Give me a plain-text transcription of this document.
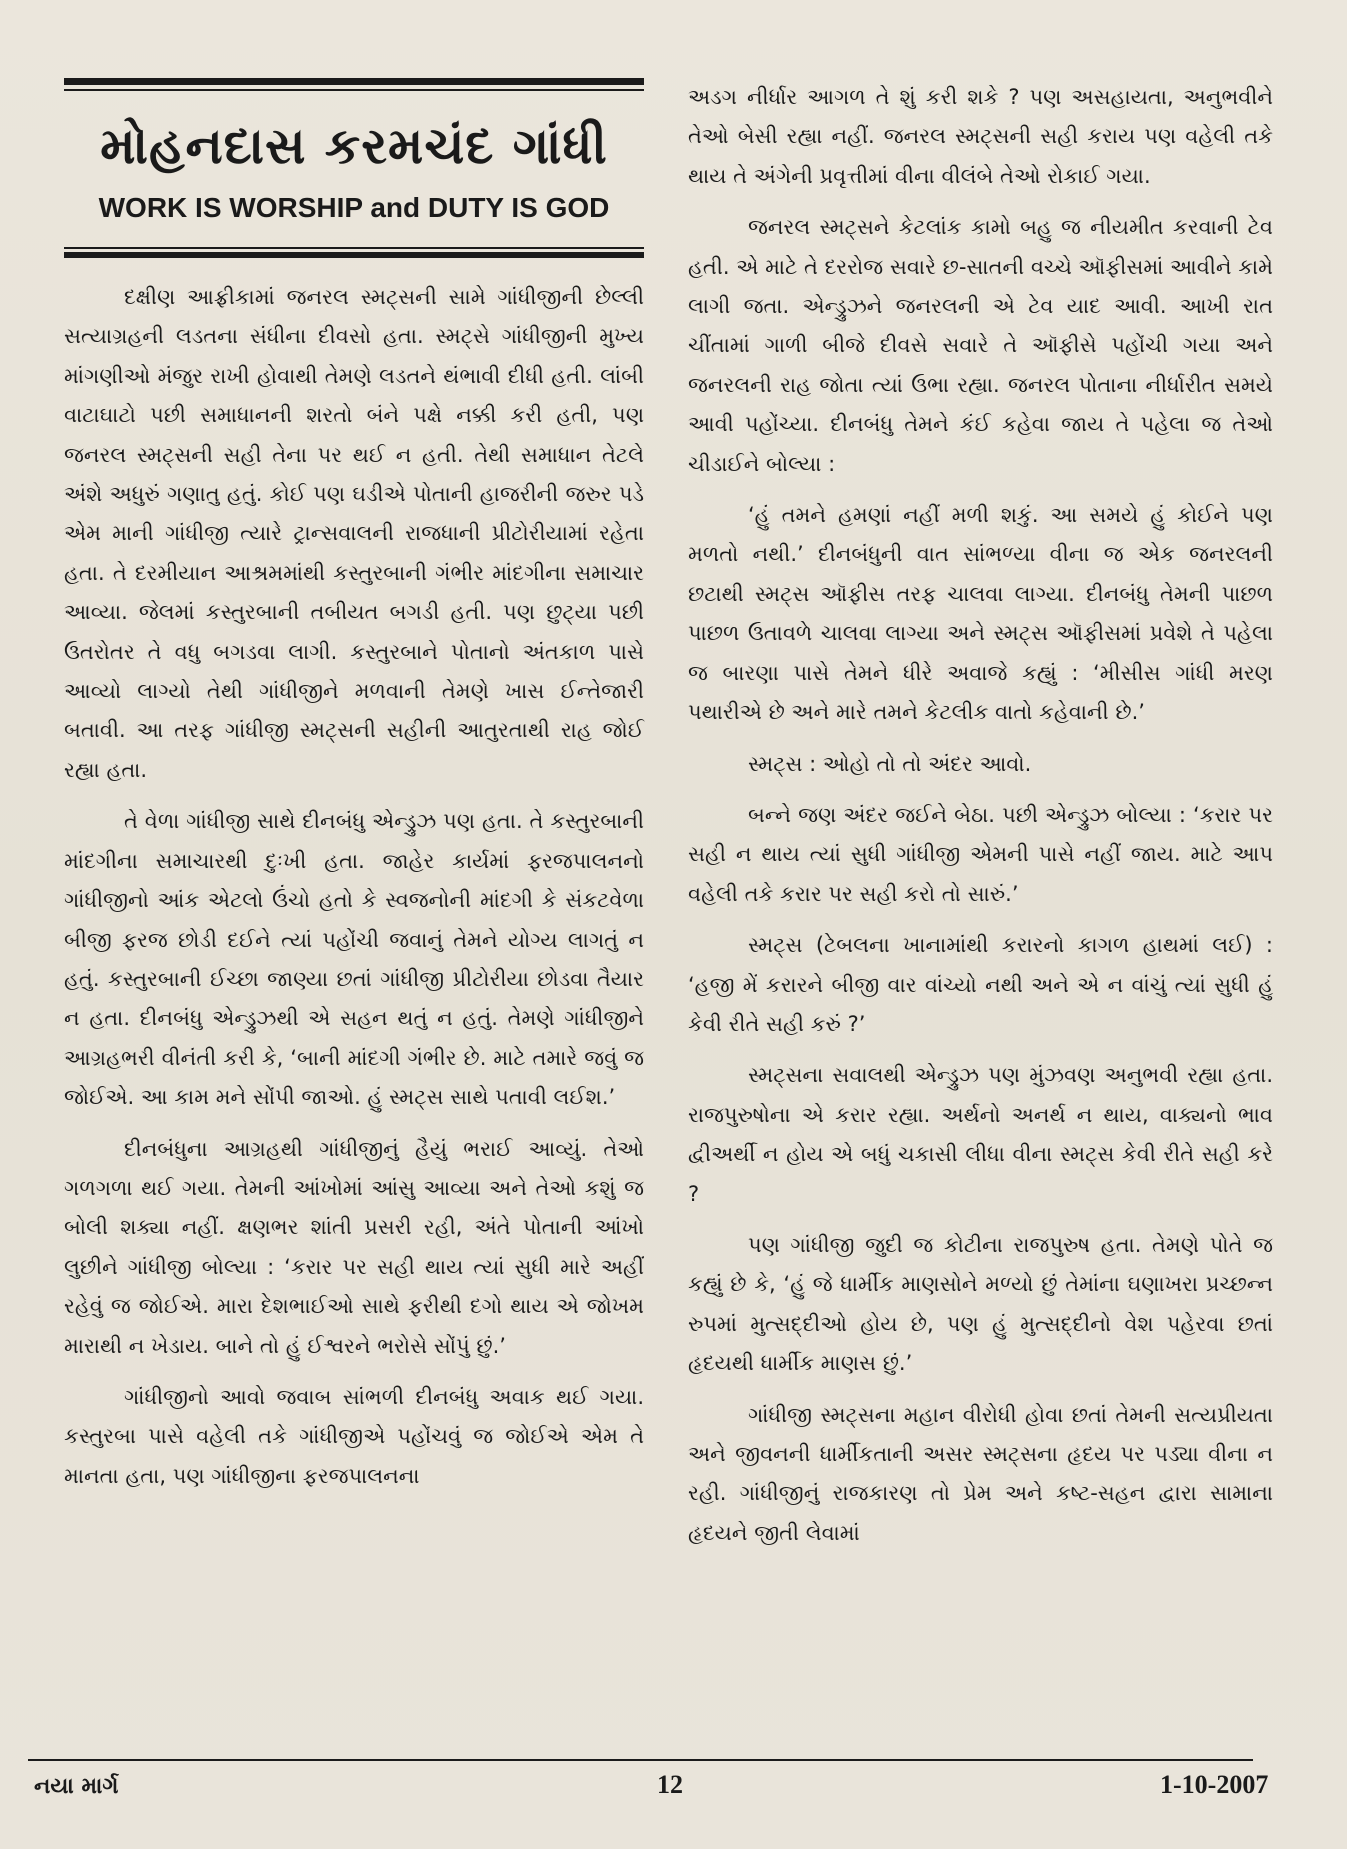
મોહનદાસ કરમચંદ ગાંધી
WORK IS WORSHIP and DUTY IS GOD

દક્ષીણ આફ્રીકામાં જનરલ સ્મટ્સની સામે ગાંધીજીની છેલ્લી સત્યાગ્રહની લડતના સંધીના દીવસો હતા. સ્મટ્સે ગાંધીજીની મુખ્ય માંગણીઓ મંજુર રાખી હોવાથી તેમણે લડતને થંભાવી દીધી હતી. લાંબી વાટાઘાટો પછી સમાધાનની શરતો બંને પક્ષે નક્કી કરી હતી, પણ જનરલ સ્મટ્સની સહી તેના પર થઈ ન હતી. તેથી સમાધાન તેટલે અંશે અધુરું ગણાતુ હતું. કોઈ પણ ઘડીએ પોતાની હાજરીની જરુર પડે એમ માની ગાંધીજી ત્યારે ટ્રાન્સવાલની રાજધાની પ્રીટોરીયામાં રહેતા હતા. તે દરમીયાન આશ્રમમાંથી કસ્તુરબાની ગંભીર માંદગીના સમાચાર આવ્યા. જેલમાં કસ્તુરબાની તબીયત બગડી હતી. પણ છુટ્યા પછી ઉતરોતર તે વધુ બગડવા લાગી. કસ્તુરબાને પોતાનો અંતકાળ પાસે આવ્યો લાગ્યો તેથી ગાંધીજીને મળવાની તેમણે ખાસ ઈન્તેજારી બતાવી. આ તરફ ગાંધીજી સ્મટ્સની સહીની આતુરતાથી રાહ જોઈ રહ્યા હતા.

તે વેળા ગાંધીજી સાથે દીનબંધુ એન્ડ્રુઝ પણ હતા. તે કસ્તુરબાની માંદગીના સમાચારથી દુઃખી હતા. જાહેર કાર્યમાં ફરજપાલનનો ગાંધીજીનો આંક એટલો ઉંચો હતો કે સ્વજનોની માંદગી કે સંકટવેળા બીજી ફરજ છોડી દઈને ત્યાં પહોંચી જવાનું તેમને યોગ્ય લાગતું ન હતું. કસ્તુરબાની ઈચ્છા જાણ્યા છતાં ગાંધીજી પ્રીટોરીયા છોડવા તૈયાર ન હતા. દીનબંધુ એન્ડ્રુઝથી એ સહન થતું ન હતું. તેમણે ગાંધીજીને આગ્રહભરી વીનંતી કરી કે, ‘બાની માંદગી ગંભીર છે. માટે તમારે જવું જ જોઈએ. આ કામ મને સોંપી જાઓ. હું સ્મટ્સ સાથે પતાવી લઈશ.’

દીનબંધુના આગ્રહથી ગાંધીજીનું હૈયું ભરાઈ આવ્યું. તેઓ ગળગળા થઈ ગયા. તેમની આંખોમાં આંસુ આવ્યા અને તેઓ કશું જ બોલી શક્યા નહીં. ક્ષણભર શાંતી પ્રસરી રહી, અંતે પોતાની આંખો લુછીને ગાંધીજી બોલ્યા : ‘કરાર પર સહી થાય ત્યાં સુધી મારે અહીં રહેવું જ જોઈએ. મારા દેશભાઈઓ સાથે ફરીથી દગો થાય એ જોખમ મારાથી ન ખેડાય. બાને તો હું ઈશ્વરને ભરોસે સોંપું છું.’

ગાંધીજીનો આવો જવાબ સાંભળી દીનબંધુ અવાક થઈ ગયા. કસ્તુરબા પાસે વહેલી તકે ગાંધીજીએ પહોંચવું જ જોઈએ એમ તે માનતા હતા, પણ ગાંધીજીના ફરજપાલનના

અડગ નીર્ધાર આગળ તે શું કરી શકે ? પણ અસહાયતા, અનુભવીને તેઓ બેસી રહ્યા નહીં. જનરલ સ્મટ્સની સહી કરાય પણ વહેલી તકે થાય તે અંગેની પ્રવૃત્તીમાં વીના વીલંબે તેઓ રોકાઈ ગયા.

જનરલ સ્મટ્સને કેટલાંક કામો બહુ જ નીયમીત કરવાની ટેવ હતી. એ માટે તે દરરોજ સવારે છ-સાતની વચ્ચે ઑફીસમાં આવીને કામે લાગી જતા. એન્ડ્રુઝને જનરલની એ ટેવ યાદ આવી. આખી રાત ચીંતામાં ગાળી બીજે દીવસે સવારે તે ઑફીસે પહોંચી ગયા અને જનરલની રાહ જોતા ત્યાં ઉભા રહ્યા. જનરલ પોતાના નીર્ધારીત સમયે આવી પહોંચ્યા. દીનબંધુ તેમને કંઈ કહેવા જાય તે પહેલા જ તેઓ ચીડાઈને બોલ્યા :

‘હું તમને હમણાં નહીં મળી શકું. આ સમયે હું કોઈને પણ મળતો નથી.’ દીનબંધુની વાત સાંભળ્યા વીના જ એક જનરલની છટાથી સ્મટ્સ ઑફીસ તરફ ચાલવા લાગ્યા. દીનબંધુ તેમની પાછળ પાછળ ઉતાવળે ચાલવા લાગ્યા અને સ્મટ્સ ઑફીસમાં પ્રવેશે તે પહેલા જ બારણા પાસે તેમને ધીરે અવાજે કહ્યું : ‘મીસીસ ગાંધી મરણ પથારીએ છે અને મારે તમને કેટલીક વાતો કહેવાની છે.’

સ્મટ્સ : ઓહો તો તો અંદર આવો.

બન્ને જણ અંદર જઈને બેઠા. પછી એન્ડ્રુઝ બોલ્યા : ‘કરાર પર સહી ન થાય ત્યાં સુધી ગાંધીજી એમની પાસે નહીં જાય. માટે આપ વહેલી તકે કરાર પર સહી કરો તો સારું.’

સ્મટ્સ (ટેબલના ખાનામાંથી કરારનો કાગળ હાથમાં લઈ) : ‘હજી મેં કરારને બીજી વાર વાંચ્યો નથી અને એ ન વાંચું ત્યાં સુધી હું કેવી રીતે સહી કરું ?’

સ્મટ્સના સવાલથી એન્ડ્રુઝ પણ મુંઝવણ અનુભવી રહ્યા હતા. રાજપુરુષોના એ કરાર રહ્યા. અર્થનો અનર્થ ન થાય, વાક્યનો ભાવ દ્વીઅર્થી ન હોય એ બધું ચકાસી લીધા વીના સ્મટ્સ કેવી રીતે સહી કરે ?

પણ ગાંધીજી જુદી જ કોટીના રાજપુરુષ હતા. તેમણે પોતે જ કહ્યું છે કે, ‘હું જે ધાર્મીક માણસોને મળ્યો છું તેમાંના ઘણાખરા પ્રચ્છન્ન રુપમાં મુત્સદ્દીઓ હોય છે, પણ હું મુત્સદ્દીનો વેશ પહેરવા છતાં હૃદયથી ધાર્મીક માણસ છું.’

ગાંધીજી સ્મટ્સના મહાન વીરોધી હોવા છતાં તેમની સત્યપ્રીયતા અને જીવનની ધાર્મીકતાની અસર સ્મટ્સના હૃદય પર પડ્યા વીના ન રહી. ગાંધીજીનું રાજકારણ તો પ્રેમ અને કષ્ટ-સહન દ્વારા સામાના હૃદયને જીતી લેવામાં

નયા માર્ગ	12	1-10-2007
